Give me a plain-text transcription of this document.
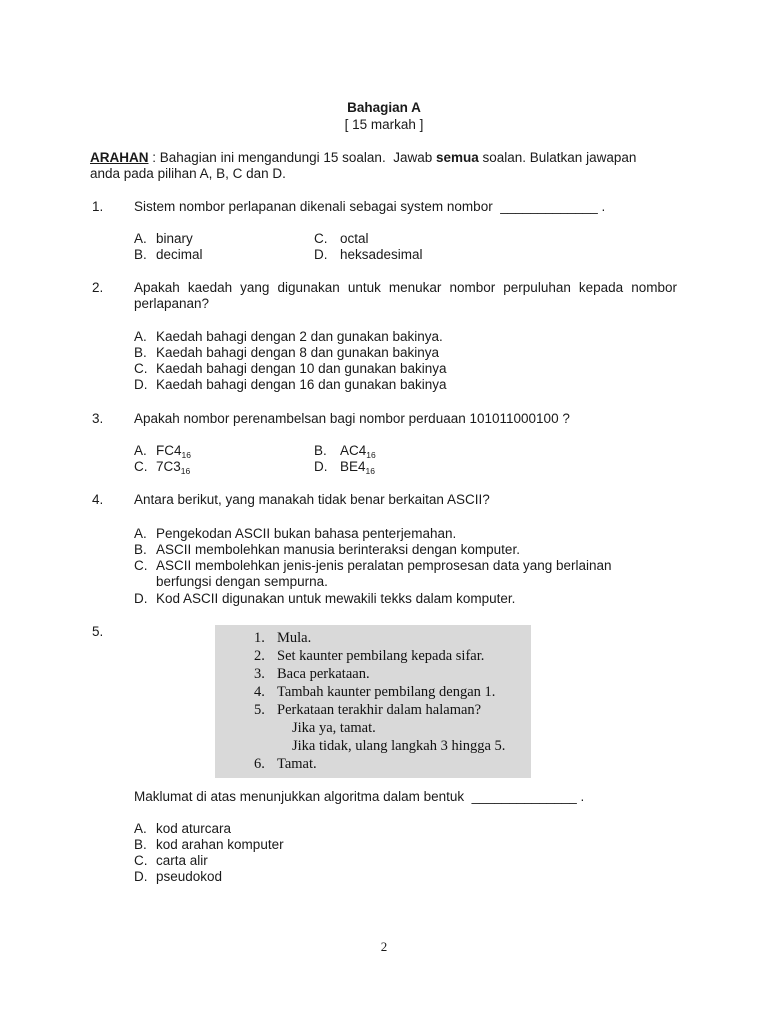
Bahagian A
[ 15 markah ]
ARAHAN : Bahagian ini mengandungi 15 soalan.  Jawab semua soalan. Bulatkan jawapan
anda pada pilihan A, B, C dan D.
1. Sistem nombor perlapanan dikenali sebagai system nombor  _____________ .
A. binary
B. decimal
C. octal
D. heksadesimal
2. Apakah kaedah yang digunakan untuk menukar nombor perpuluhan kepada nombor perlapanan?
A. Kaedah bahagi dengan 2 dan gunakan bakinya.
B. Kaedah bahagi dengan 8 dan gunakan bakinya
C. Kaedah bahagi dengan 10 dan gunakan bakinya
D. Kaedah bahagi dengan 16 dan gunakan bakinya
3. Apakah nombor perenambelsan bagi nombor perduaan 101011000100 ?
A. $FC4_{16}$	B. $AC4_{16}$
C. $7C3_{16}$	D. $BE4_{16}$
4. Antara berikut, yang manakah tidak benar berkaitan ASCII?
A. Pengekodan ASCII bukan bahasa penterjemahan.
B. ASCII membolehkan manusia berinteraksi dengan komputer.
C. ASCII membolehkan jenis-jenis peralatan pemprosesan data yang berlainan
berfungsi dengan sempurna.
D. Kod ASCII digunakan untuk mewakili tekks dalam komputer.
5.	1. Mula.
2. Set kaunter pembilang kepada sifar.
3. Baca perkataan.
4. Tambah kaunter pembilang dengan 1.
5. Perkataan terakhir dalam halaman?
Jika ya, tamat.
Jika tidak, ulang langkah 3 hingga 5.
6. Tamat.
Maklumat di atas menunjukkan algoritma dalam bentuk  ______________ .
A. kod aturcara
B. kod arahan komputer
C. carta alir
D. pseudokod
2
